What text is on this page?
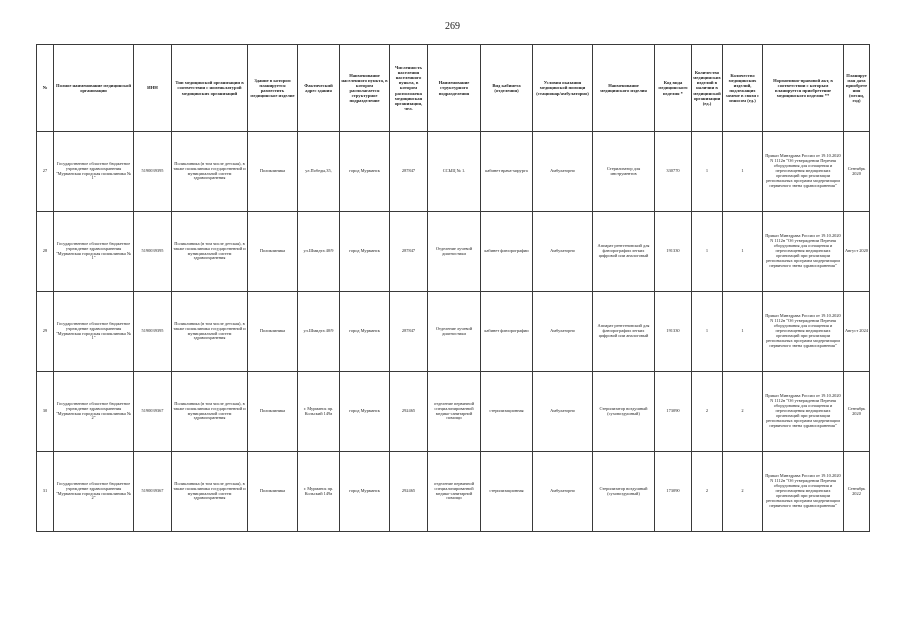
269
№	Полное наименование медицинской организации	ИНН	Тип медицинской организации в соответствии с номенклатурой медицинских организаций	Здание в котором планируется разместить медицинское изделие	Фактический адрес здания	Наименование населенного пункта, в котором располагается структурное подразделение	Численность населения населенного пункта, в котором расположена медицинская организация, чел.	Наименование структурного подразделения	Вид кабинета (отделения)	Условия оказания медицинской помощи (стационар/амбулаторно)	Наименование медицинского изделия	Код вида медицинского изделия *	Количество медицинских изделий в наличии в медицинской организации (ед.)	Количество медицинских изделий, подлежащих замене в связи с износом (ед.)	Нормативно-правовой акт, в соответствии с которым планируется приобретение медицинского изделия **	Планируемая дата приобретения (месяц, год)
27	Государственное областное бюджетное учреждение здравоохранения "Мурманская городская поликлиника № 1"	5190039395	Поликлиника (в том числе детская), в также поликлиника государственной и муниципальной систем здравоохранения	Поликлиника	ул.Победы,35,	город Мурманск	287847	ССЫЦ № 1.	кабинет врача-хирурга	Амбулаторно	Стерилизатор для инструментов	330770	1	1	Приказ Минздрава России от 19.10.2020 N 1112н "Об утверждении Перечня оборудования для оснащения и переоснащения медицинских организаций при реализации региональных программ модернизации первичного звена здравоохранения"	Сентябрь 2020
28	Государственное областное бюджетное учреждение здравоохранения "Мурманская городская поликлиника № 1"	5190039395	Поликлиника (в том числе детская), в также поликлиника государственной и муниципальной систем здравоохранения	Поликлиника	ул.Шмидта 40/9	город Мурманск	287847	Отделение лучевой диагностики	кабинет флюорографии	Амбулаторно	Аппарат рентгеновский для флюорографии легких цифровой или аналоговый	191330	1	1	Приказ Минздрава России от 19.10.2020 N 1112н "Об утверждении Перечня оборудования для оснащения и переоснащения медицинских организаций при реализации региональных программ модернизации первичного звена здравоохранения"	Август 2020
29	Государственное областное бюджетное учреждение здравоохранения "Мурманская городская поликлиника № 1"	5190039395	Поликлиника (в том числе детская), в также поликлиника государственной и муниципальной систем здравоохранения	Поликлиника	ул.Шмидта 40/9	город Мурманск	287847	Отделение лучевой диагностики	кабинет флюорографии	Амбулаторно	Аппарат рентгеновский для флюорографии легких цифровой или аналоговый	191330	1	1	Приказ Минздрава России от 19.10.2020 N 1112н "Об утверждении Перечня оборудования для оснащения и переоснащения медицинских организаций при реализации региональных программ модернизации первичного звена здравоохранения"	Август 2024
30	Государственное областное бюджетное учреждение здравоохранения "Мурманская городская поликлиника № 2"	5190039367	Поликлиника (в том числе детская), в также поликлиника государственной и муниципальной систем здравоохранения	Поликлиника	г. Мурманск пр. Кольский 149а	город Мурманск	292465	отделение первичной специализированной медико-санитарной помощи	стерилизационная	Амбулаторно	Стерилизатор воздушный (суховоздушный)	173090	2	2	Приказ Минздрава России от 19.10.2020 N 1112н "Об утверждении Перечня оборудования для оснащения и переоснащения медицинских организаций при реализации региональных программ модернизации первичного звена здравоохранения"	Сентябрь 2020
31	Государственное областное бюджетное учреждение здравоохранения "Мурманская городская поликлиника № 2"	5190039367	Поликлиника (в том числе детская), в также поликлиника государственной и муниципальной систем здравоохранения	Поликлиника	г. Мурманск пр. Кольский 149а	город Мурманск	292465	отделение первичной специализированной медико-санитарной помощи	стерилизационная	Амбулаторно	Стерилизатор воздушный (суховоздушный)	173090	2	2	Приказ Минздрава России от 19.10.2020 N 1112н "Об утверждении Перечня оборудования для оснащения и переоснащения медицинских организаций при реализации региональных программ модернизации первичного звена здравоохранения"	Сентябрь 2022
